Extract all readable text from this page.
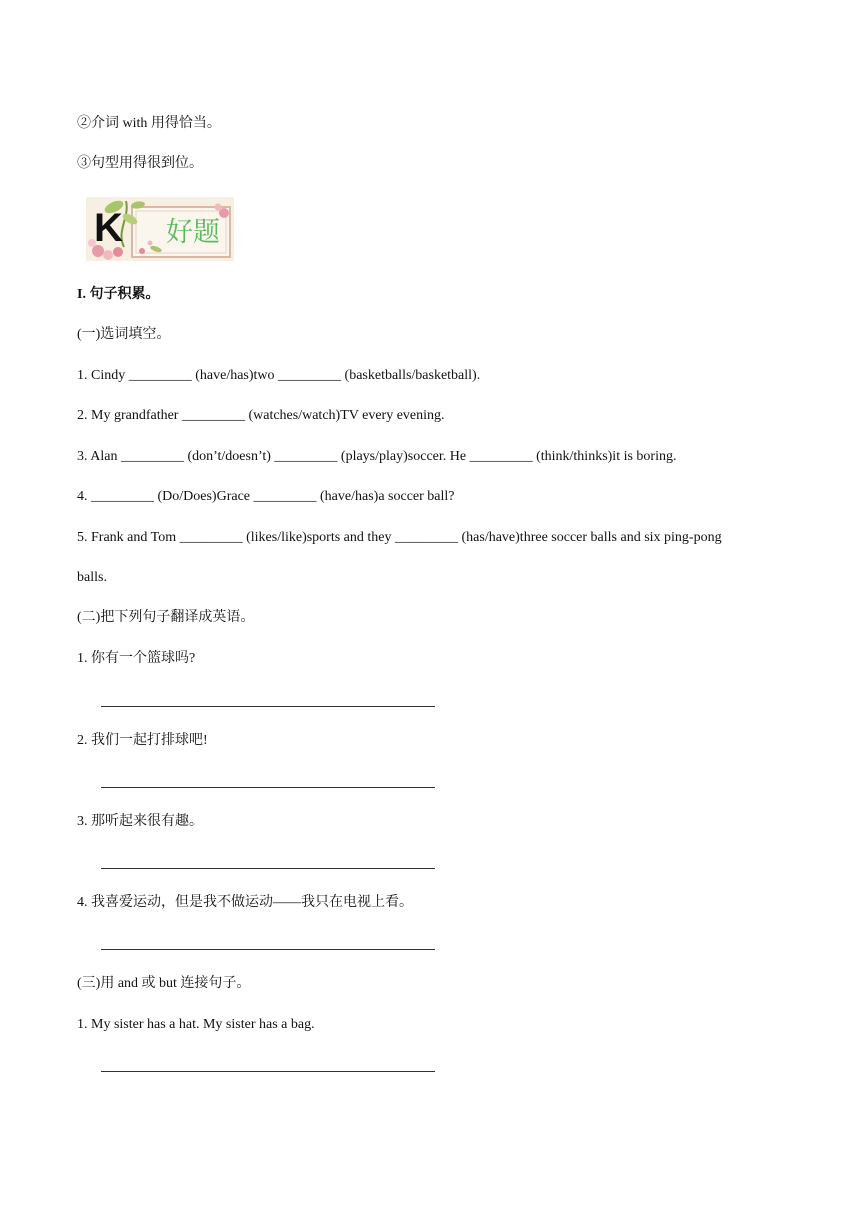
②介词 with 用得恰当。
③句型用得很到位。
K 好题
I. 句子积累。
(一)选词填空。
1. Cindy _________ (have/has)two _________ (basketballs/basketball).
2. My grandfather _________ (watches/watch)TV every evening.
3. Alan _________ (don’t/doesn’t) _________ (plays/play)soccer. He _________ (think/thinks)it is boring.
4. _________ (Do/Does)Grace _________ (have/has)a soccer ball?
5. Frank and Tom _________ (likes/like)sports and they _________ (has/have)three soccer balls and six ping-pong
balls.
(二)把下列句子翻译成英语。
1. 你有一个篮球吗?
2. 我们一起打排球吧!
3. 那听起来很有趣。
4. 我喜爱运动，但是我不做运动——我只在电视上看。
(三)用 and 或 but 连接句子。
1. My sister has a hat. My sister has a bag.
